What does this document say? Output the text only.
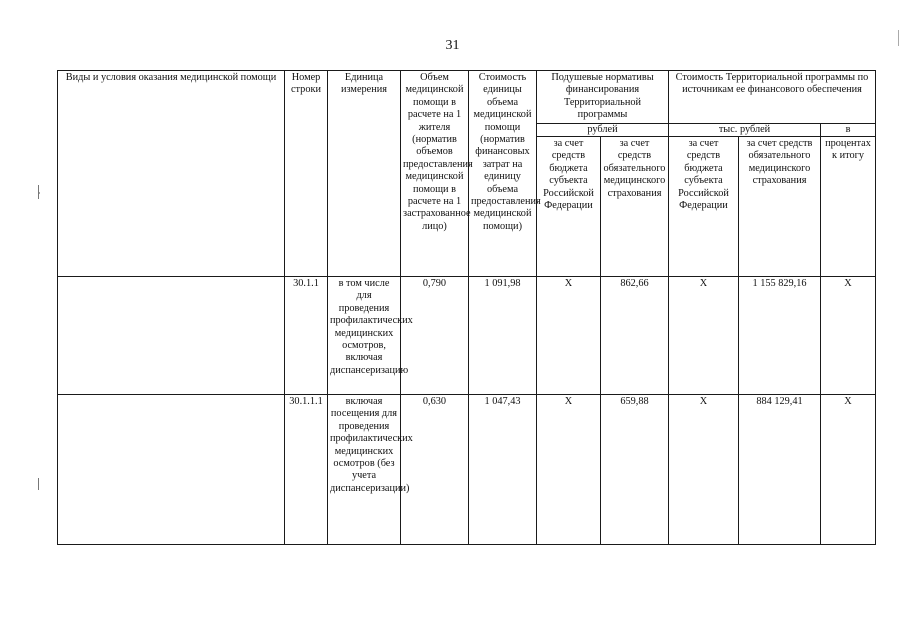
31
Виды и условия оказания медицинской помощи	Номер строки	Единица измерения	Объем медицинской помощи в расчете на 1 жителя (норматив объемов предоставления медицинской помощи в расчете на 1 застрахованное лицо)	Стоимость единицы объема медицинской помощи (норматив финансовых затрат на единицу объема предоставления медицинской помощи)	Подушевые нормативы финансирования Территориальной программы		Стоимость Территориальной программы по источникам ее финансового обеспечения		
					рублей		тыс. рублей		в
					за счет средств бюджета субъекта Российской Федерации	за счет средств обязательного медицинского страхования	за счет средств бюджета субъекта Российской Федерации	за счет средств обязательного медицинского страхования	процентах к итогу
	30.1.1	в том числе для проведения профилактических медицинских осмотров, включая диспансеризацию	0,790	1 091,98	X	862,66	X	1 155 829,16	X
	30.1.1.1	включая посещения для проведения профилактических медицинских осмотров (без учета диспансеризации)	0,630	1 047,43	X	659,88	X	884 129,41	X
